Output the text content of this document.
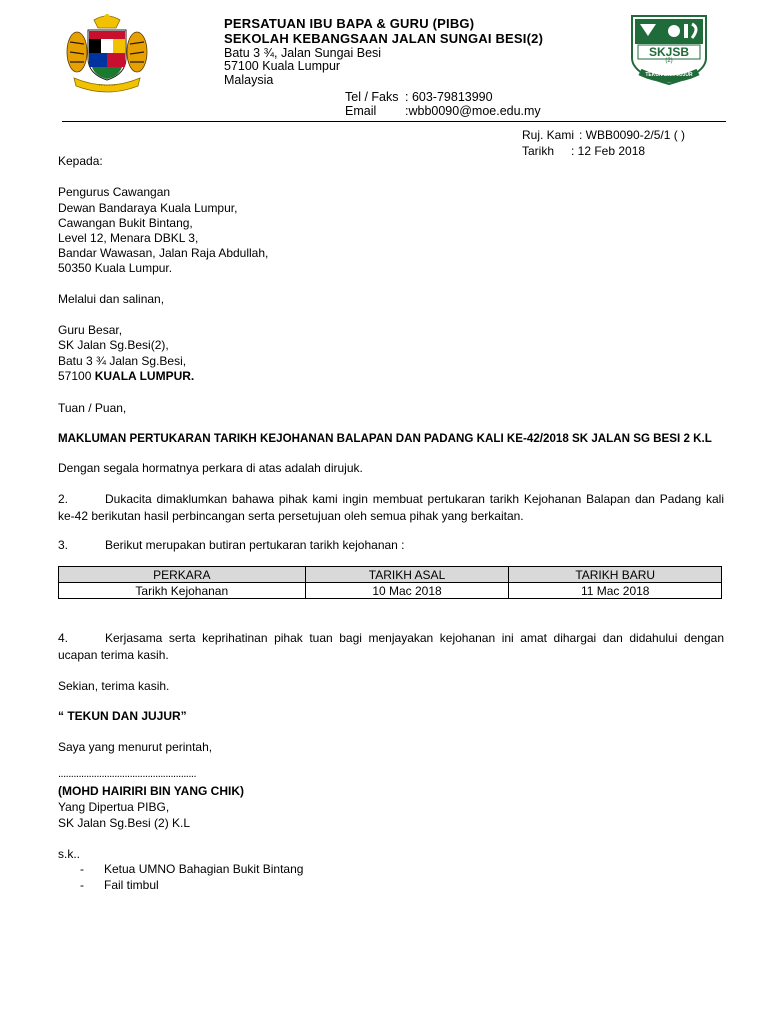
· · · · · · ·
PERSATUAN IBU BAPA & GURU (PIBG)
SEKOLAH KEBANGSAAN JALAN SUNGAI BESI(2)
Batu 3 ¾, Jalan Sungai Besi
57100 Kuala Lumpur
Malaysia
Tel / Faks : 603-79813990
Email :wbb0090@moe.edu.my
SKJSB
(2)
TEKUN DAN JUJUR
Ruj. Kami : WBB0090-2/5/1 ( )
Tarikh : 12 Feb 2018
Kepada:
Pengurus Cawangan
Dewan Bandaraya Kuala Lumpur,
Cawangan Bukit Bintang,
Level 12, Menara DBKL 3,
Bandar Wawasan, Jalan Raja Abdullah,
50350 Kuala Lumpur.
Melalui dan salinan,
Guru Besar,
SK Jalan Sg.Besi(2),
Batu 3 ¾ Jalan Sg.Besi,
57100 KUALA LUMPUR.
Tuan / Puan,
MAKLUMAN PERTUKARAN TARIKH KEJOHANAN BALAPAN DAN PADANG KALI KE-42/2018 SK JALAN SG BESI 2 K.L
Dengan segala hormatnya perkara di atas adalah dirujuk.
2.	Dukacita dimaklumkan bahawa pihak kami ingin membuat pertukaran tarikh Kejohanan Balapan dan Padang kali ke-42 berikutan hasil perbincangan serta persetujuan oleh semua pihak yang berkaitan.
3.	Berikut merupakan butiran pertukaran tarikh kejohanan :
PERKARA	TARIKH ASAL	TARIKH BARU
Tarikh Kejohanan	10 Mac 2018	11 Mac 2018
4.	Kerjasama serta keprihatinan pihak tuan bagi menjayakan kejohanan ini amat dihargai dan didahului dengan ucapan terima kasih.
Sekian, terima kasih.
“ TEKUN DAN JUJUR”
Saya yang menurut perintah,
......................................................
(MOHD HAIRIRI BIN YANG CHIK)
Yang Dipertua PIBG,
SK Jalan Sg.Besi (2) K.L
s.k..
- Ketua UMNO Bahagian Bukit Bintang
- Fail timbul
